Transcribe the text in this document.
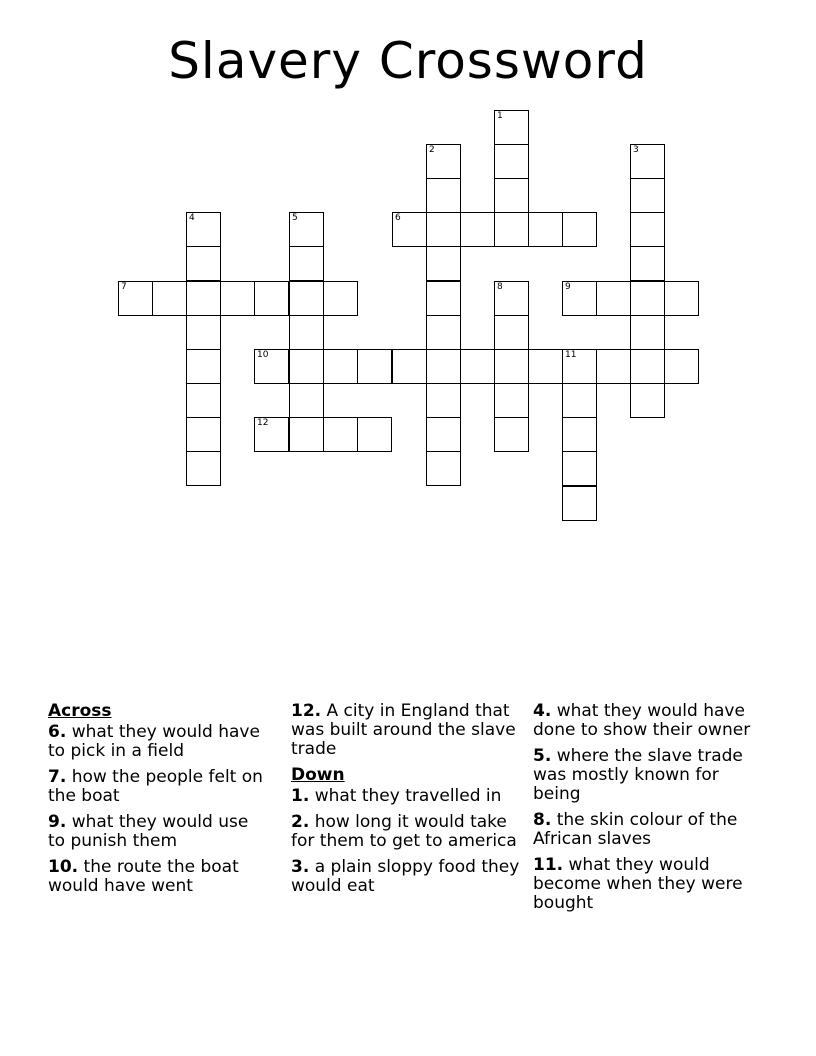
Slavery Crossword
1
2	3
4	5	6
7	8	9
10	11
12
Across
6. what they would have to pick in a field
7. how the people felt on the boat
9. what they would use to punish them
10. the route the boat would have went
12. A city in England that was built around the slave trade
Down
1. what they travelled in
2. how long it would take for them to get to america
3. a plain sloppy food they would eat
4. what they would have done to show their owner
5. where the slave trade was mostly known for being
8. the skin colour of the African slaves
11. what they would become when they were bought
